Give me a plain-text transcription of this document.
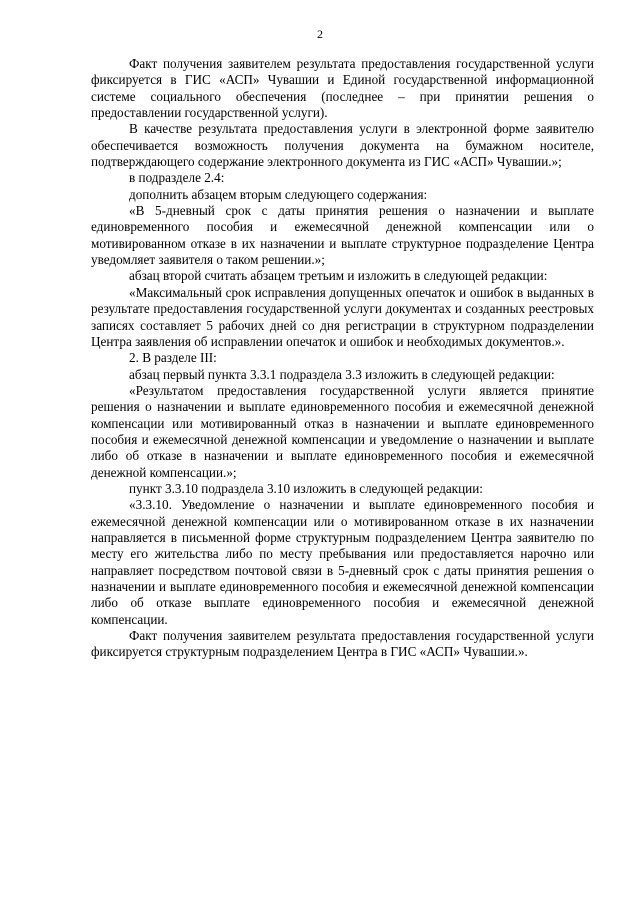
2

Факт получения заявителем результата предоставления государственной услуги фиксируется в ГИС «АСП» Чувашии и Единой государственной информационной системе социального обеспечения (последнее – при принятии решения о предоставлении государственной услуги).

В качестве результата предоставления услуги в электронной форме заявителю обеспечивается возможность получения документа на бумажном носителе, подтверждающего содержание электронного документа из ГИС «АСП» Чувашии.»;

в подразделе 2.4:

дополнить абзацем вторым следующего содержания:

«В 5-дневный срок с даты принятия решения о назначении и выплате единовременного пособия и ежемесячной денежной компенсации или о мотивированном отказе в их назначении и выплате структурное подразделение Центра уведомляет заявителя о таком решении.»;

абзац второй считать абзацем третьим и изложить в следующей редакции:

«Максимальный срок исправления допущенных опечаток и ошибок в выданных в результате предоставления государственной услуги документах и созданных реестровых записях составляет 5 рабочих дней со дня регистрации в структурном подразделении Центра заявления об исправлении опечаток и ошибок и необходимых документов.».

2. В разделе III:

абзац первый пункта 3.3.1 подраздела 3.3 изложить в следующей редакции:

«Результатом предоставления государственной услуги является принятие решения о назначении и выплате единовременного пособия и ежемесячной денежной компенсации или мотивированный отказ в назначении и выплате единовременного пособия и ежемесячной денежной компенсации и уведомление о назначении и выплате либо об отказе в назначении и выплате единовременного пособия и ежемесячной денежной компенсации.»;

пункт 3.3.10 подраздела 3.10 изложить в следующей редакции:

«3.3.10. Уведомление о назначении и выплате единовременного пособия и ежемесячной денежной компенсации или о мотивированном отказе в их назначении направляется в письменной форме структурным подразделением Центра заявителю по месту его жительства либо по месту пребывания или предоставляется нарочно или направляет посредством почтовой связи в 5-дневный срок с даты принятия решения о назначении и выплате единовременного пособия и ежемесячной денежной компенсации либо об отказе выплате единовременного пособия и ежемесячной денежной компенсации.

Факт получения заявителем результата предоставления государственной услуги фиксируется структурным подразделением Центра в ГИС «АСП» Чувашии.».
